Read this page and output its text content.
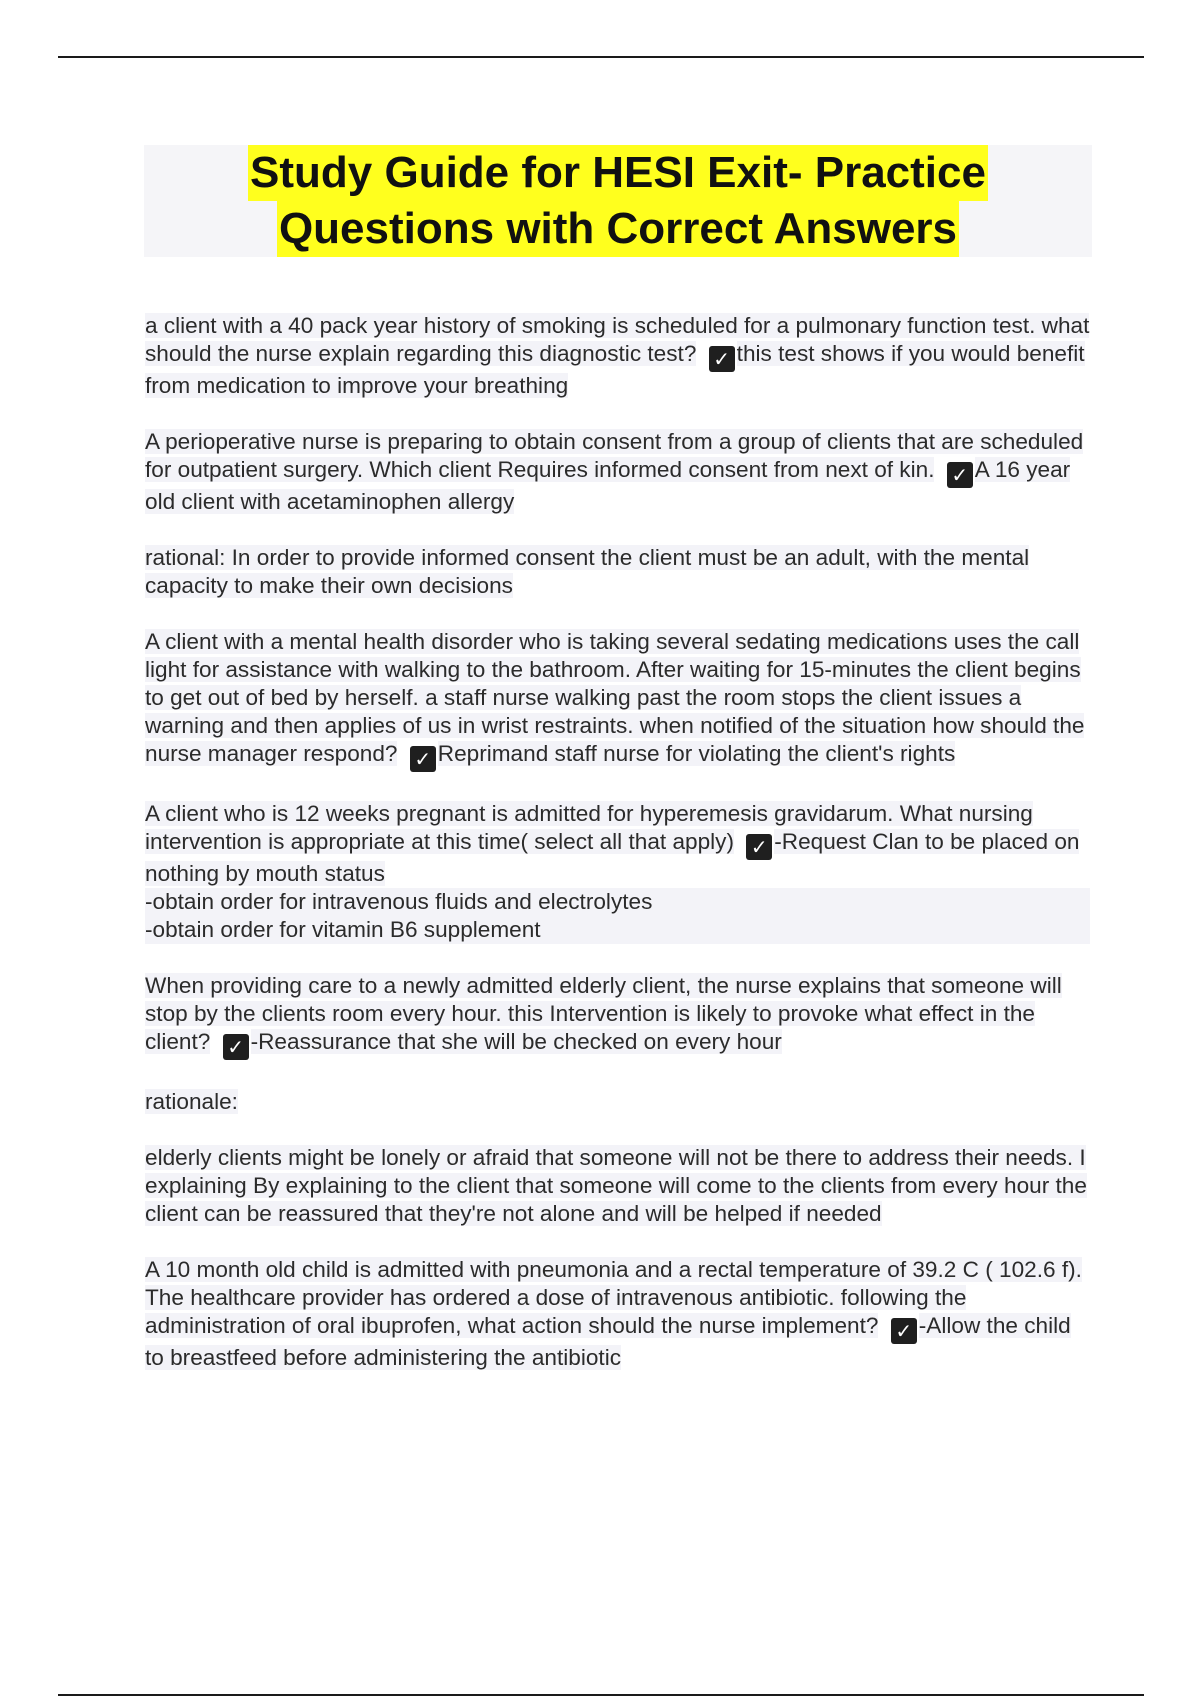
Study Guide for HESI Exit- Practice
Questions with Correct Answers

a client with a 40 pack year history of smoking is scheduled for a pulmonary function test. what should the nurse explain regarding this diagnostic test? ✓ this test shows if you would benefit from medication to improve your breathing

A perioperative nurse is preparing to obtain consent from a group of clients that are scheduled for outpatient surgery. Which client Requires informed consent from next of kin. ✓ A 16 year old client with acetaminophen allergy

rational: In order to provide informed consent the client must be an adult, with the mental capacity to make their own decisions

A client with a mental health disorder who is taking several sedating medications uses the call light for assistance with walking to the bathroom. After waiting for 15-minutes the client begins to get out of bed by herself. a staff nurse walking past the room stops the client issues a warning and then applies of us in wrist restraints. when notified of the situation how should the nurse manager respond? ✓ Reprimand staff nurse for violating the client's rights

A client who is 12 weeks pregnant is admitted for hyperemesis gravidarum. What nursing intervention is appropriate at this time( select all that apply) ✓ -Request Clan to be placed on nothing by mouth status
-obtain order for intravenous fluids and electrolytes
-obtain order for vitamin B6 supplement

When providing care to a newly admitted elderly client, the nurse explains that someone will stop by the clients room every hour. this Intervention is likely to provoke what effect in the client? ✓ -Reassurance that she will be checked on every hour

rationale:

elderly clients might be lonely or afraid that someone will not be there to address their needs. I explaining By explaining to the client that someone will come to the clients from every hour the client can be reassured that they're not alone and will be helped if needed

A 10 month old child is admitted with pneumonia and a rectal temperature of 39.2 C ( 102.6 f). The healthcare provider has ordered a dose of intravenous antibiotic. following the administration of oral ibuprofen, what action should the nurse implement? ✓ -Allow the child to breastfeed before administering the antibiotic
